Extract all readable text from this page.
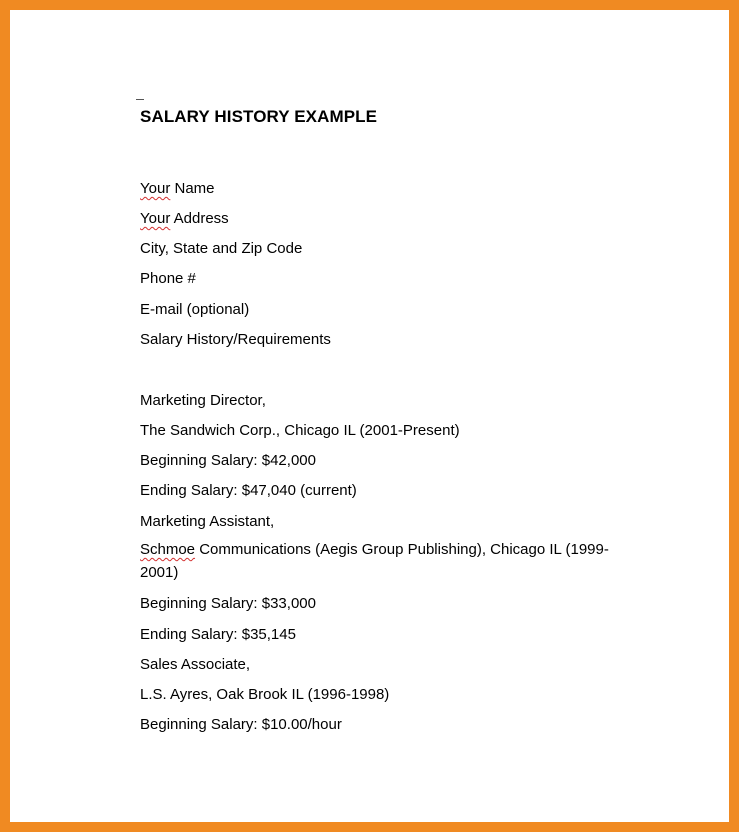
SALARY HISTORY EXAMPLE
Your Name
Your Address
City, State and Zip Code
Phone #
E-mail (optional)
Salary History/Requirements
Marketing Director,
The Sandwich Corp., Chicago IL (2001-Present)
Beginning Salary: $42,000
Ending Salary: $47,040 (current)
Marketing Assistant,
Schmoe Communications (Aegis Group Publishing), Chicago IL (1999-2001)
Beginning Salary: $33,000
Ending Salary: $35,145
Sales Associate,
L.S. Ayres, Oak Brook IL (1996-1998)
Beginning Salary: $10.00/hour
